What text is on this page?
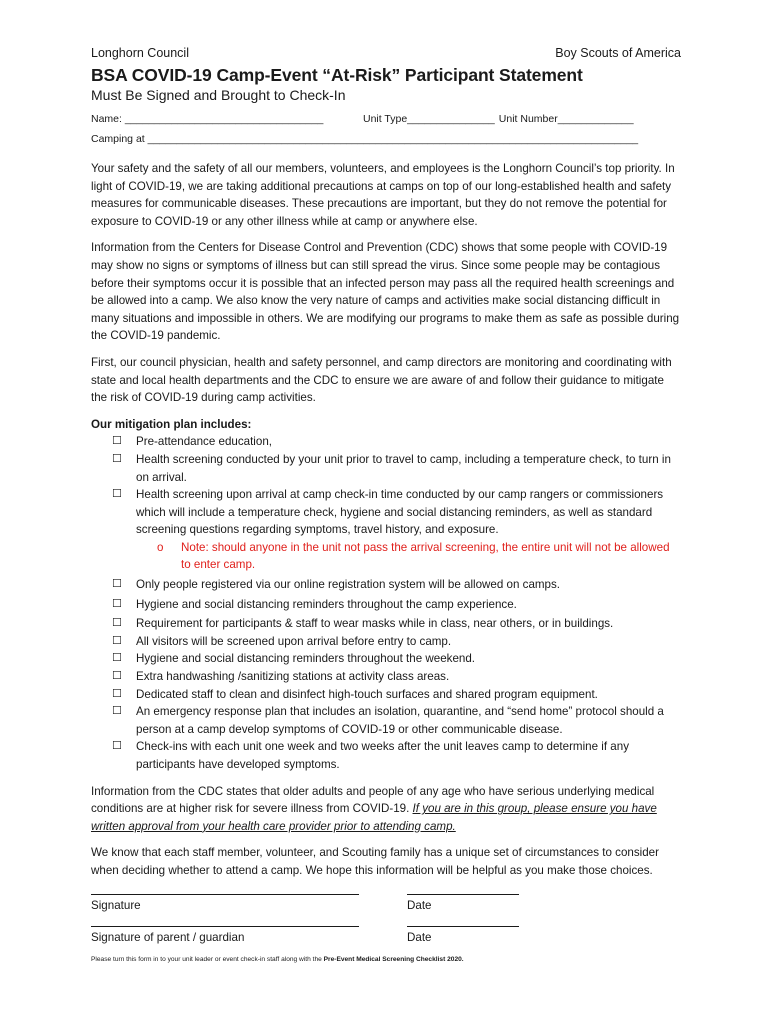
Longhorn Council	Boy Scouts of America
BSA COVID-19 Camp-Event “At-Risk” Participant Statement
Must Be Signed and Brought to Check-In
Name: __________________________________	Unit Type_______________ Unit Number_____________
Camping at ____________________________________________________________________________________
Your safety and the safety of all our members, volunteers, and employees is the Longhorn Council’s top priority. In light of COVID-19, we are taking additional precautions at camps on top of our long-established health and safety measures for communicable diseases. These precautions are important, but they do not remove the potential for exposure to COVID-19 or any other illness while at camp or anywhere else.
Information from the Centers for Disease Control and Prevention (CDC) shows that some people with COVID-19 may show no signs or symptoms of illness but can still spread the virus. Since some people may be contagious before their symptoms occur it is possible that an infected person may pass all the required health screenings and be allowed into a camp. We also know the very nature of camps and activities make social distancing difficult in many situations and impossible in others. We are modifying our programs to make them as safe as possible during the COVID-19 pandemic.
First, our council physician, health and safety personnel, and camp directors are monitoring and coordinating with state and local health departments and the CDC to ensure we are aware of and follow their guidance to mitigate the risk of COVID-19 during camp activities.
Our mitigation plan includes:
☐	Pre-attendance education,
☐	Health screening conducted by your unit prior to travel to camp, including a temperature check, to turn in on arrival.
☐	Health screening upon arrival at camp check-in time conducted by our camp rangers or commissioners which will include a temperature check, hygiene and social distancing reminders, as well as standard screening questions regarding symptoms, travel history, and exposure.
o	Note: should anyone in the unit not pass the arrival screening, the entire unit will not be allowed to enter camp.
☐	Only people registered via our online registration system will be allowed on camps.
☐	Hygiene and social distancing reminders throughout the camp experience.
☐	Requirement for participants & staff to wear masks while in class, near others, or in buildings.
☐	All visitors will be screened upon arrival before entry to camp.
☐	Hygiene and social distancing reminders throughout the weekend.
☐	Extra handwashing /sanitizing stations at activity class areas.
☐	Dedicated staff to clean and disinfect high-touch surfaces and shared program equipment.
☐	An emergency response plan that includes an isolation, quarantine, and “send home” protocol should a person at a camp develop symptoms of COVID-19 or other communicable disease.
☐	Check-ins with each unit one week and two weeks after the unit leaves camp to determine if any participants have developed symptoms.
Information from the CDC states that older adults and people of any age who have serious underlying medical conditions are at higher risk for severe illness from COVID-19. If you are in this group, please ensure you have written approval from your health care provider prior to attending camp.
We know that each staff member, volunteer, and Scouting family has a unique set of circumstances to consider when deciding whether to attend a camp. We hope this information will be helpful as you make those choices.
Signature	Date
Signature of parent / guardian	Date
Please turn this form in to your unit leader or event check-in staff along with the Pre-Event Medical Screening Checklist 2020.
